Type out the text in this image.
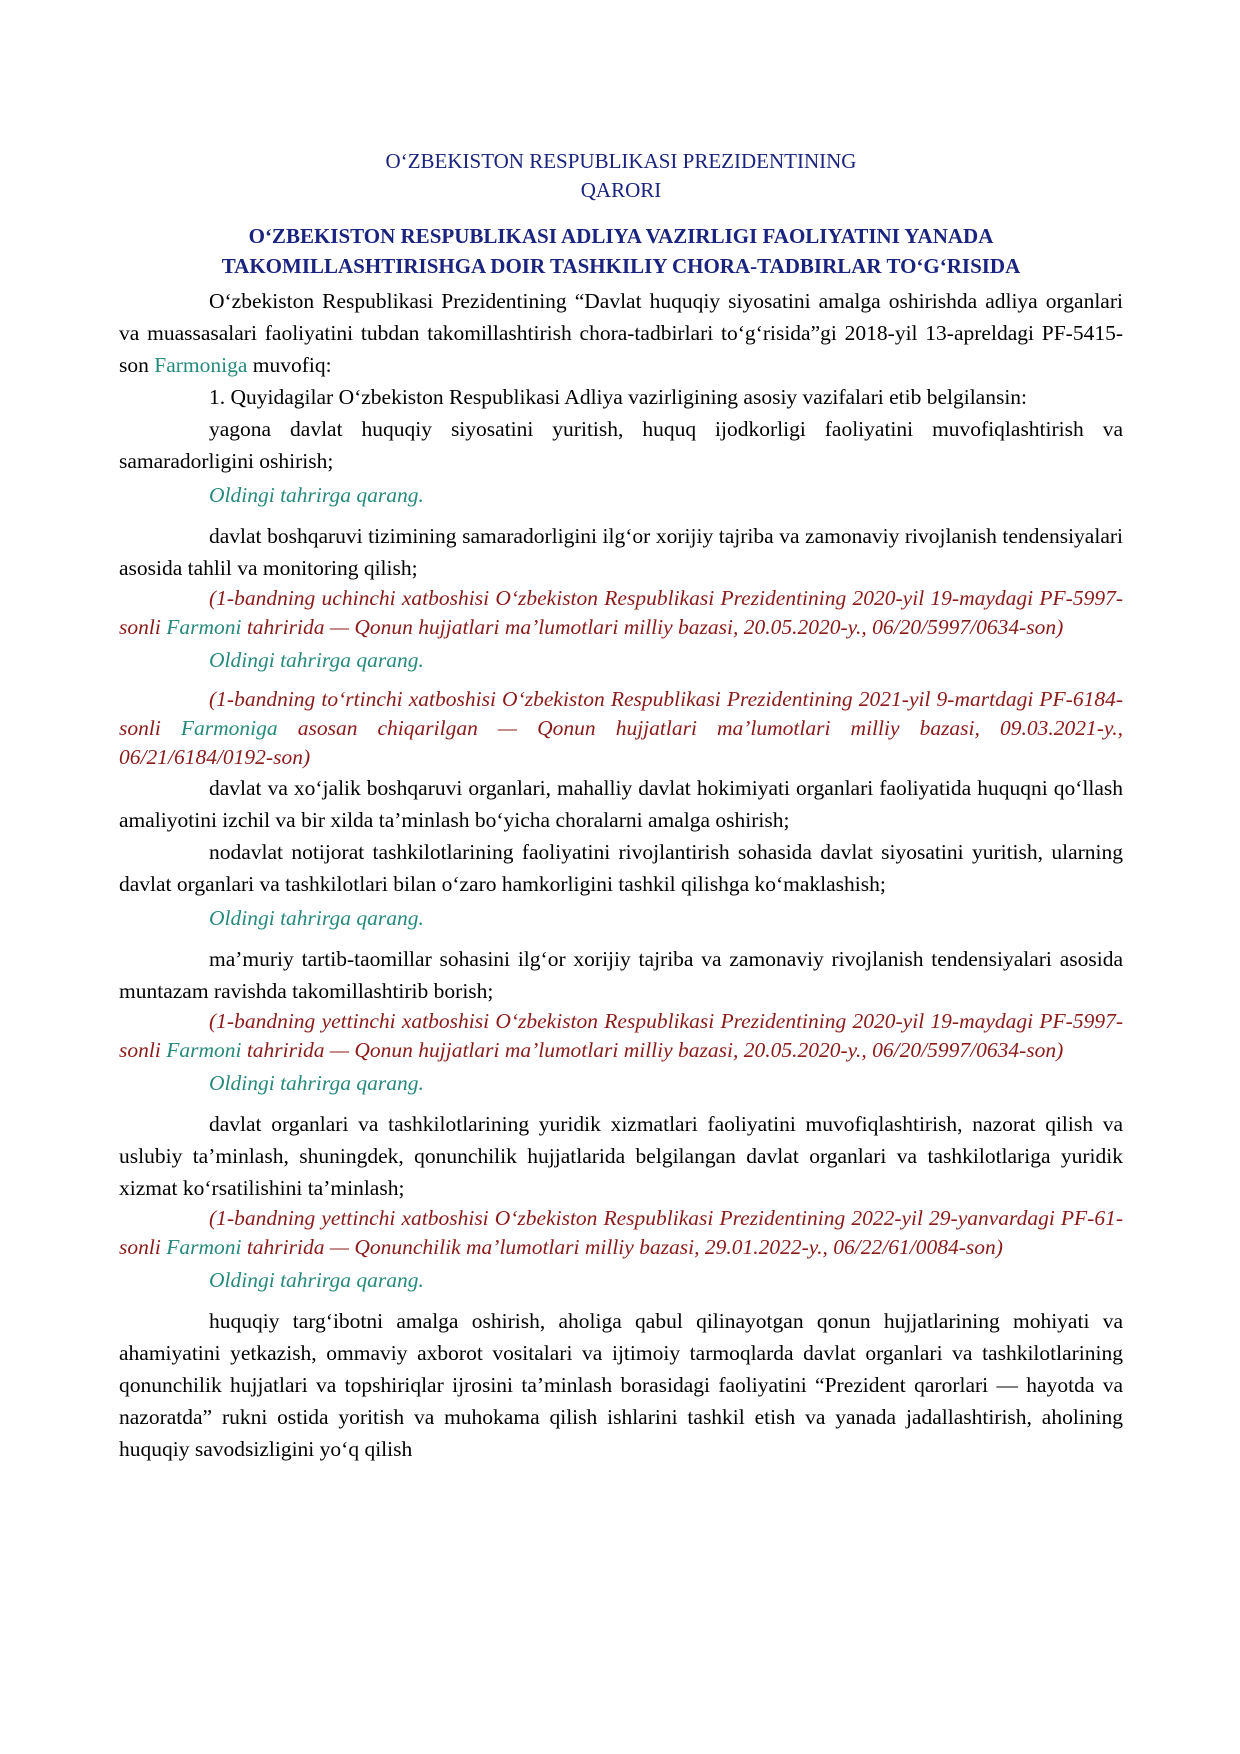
O‘ZBEKISTON RESPUBLIKASI PREZIDENTINING
QARORI
O‘ZBEKISTON RESPUBLIKASI ADLIYA VAZIRLIGI FAOLIYATINI YANADA
TAKOMILLASHTIRISHGA DOIR TASHKILIY CHORA-TADBIRLAR TO‘G‘RISIDA

O‘zbekiston Respublikasi Prezidentining “Davlat huquqiy siyosatini amalga oshirishda adliya organlari va muassasalari faoliyatini tubdan takomillashtirish chora-tadbirlari to‘g‘risida”gi 2018-yil 13-apreldagi PF-5415-son Farmoniga muvofiq:

1. Quyidagilar O‘zbekiston Respublikasi Adliya vazirligining asosiy vazifalari etib belgilansin:

yagona davlat huquqiy siyosatini yuritish, huquq ijodkorligi faoliyatini muvofiqlashtirish va samaradorligini oshirish;

Oldingi tahrirga qarang.

davlat boshqaruvi tizimining samaradorligini ilg‘or xorijiy tajriba va zamonaviy rivojlanish tendensiyalari asosida tahlil va monitoring qilish;

(1-bandning uchinchi xatboshisi O‘zbekiston Respublikasi Prezidentining 2020-yil 19-maydagi PF-5997-sonli Farmoni tahririda — Qonun hujjatlari ma’lumotlari milliy bazasi, 20.05.2020-y., 06/20/5997/0634-son)

Oldingi tahrirga qarang.

(1-bandning to‘rtinchi xatboshisi O‘zbekiston Respublikasi Prezidentining 2021-yil 9-martdagi PF-6184-sonli Farmoniga asosan chiqarilgan — Qonun hujjatlari ma’lumotlari milliy bazasi, 09.03.2021-y., 06/21/6184/0192-son)

davlat va xo‘jalik boshqaruvi organlari, mahalliy davlat hokimiyati organlari faoliyatida huquqni qo‘llash amaliyotini izchil va bir xilda ta’minlash bo‘yicha choralarni amalga oshirish;

nodavlat notijorat tashkilotlarining faoliyatini rivojlantirish sohasida davlat siyosatini yuritish, ularning davlat organlari va tashkilotlari bilan o‘zaro hamkorligini tashkil qilishga ko‘maklashish;

Oldingi tahrirga qarang.

ma’muriy tartib-taomillar sohasini ilg‘or xorijiy tajriba va zamonaviy rivojlanish tendensiyalari asosida muntazam ravishda takomillashtirib borish;

(1-bandning yettinchi xatboshisi O‘zbekiston Respublikasi Prezidentining 2020-yil 19-maydagi PF-5997-sonli Farmoni tahririda — Qonun hujjatlari ma’lumotlari milliy bazasi, 20.05.2020-y., 06/20/5997/0634-son)

Oldingi tahrirga qarang.

davlat organlari va tashkilotlarining yuridik xizmatlari faoliyatini muvofiqlashtirish, nazorat qilish va uslubiy ta’minlash, shuningdek, qonunchilik hujjatlarida belgilangan davlat organlari va tashkilotlariga yuridik xizmat ko‘rsatilishini ta’minlash;

(1-bandning yettinchi xatboshisi O‘zbekiston Respublikasi Prezidentining 2022-yil 29-yanvardagi PF-61-sonli Farmoni tahririda — Qonunchilik ma’lumotlari milliy bazasi, 29.01.2022-y., 06/22/61/0084-son)

Oldingi tahrirga qarang.

huquqiy targ‘ibotni amalga oshirish, aholiga qabul qilinayotgan qonun hujjatlarining mohiyati va ahamiyatini yetkazish, ommaviy axborot vositalari va ijtimoiy tarmoqlarda davlat organlari va tashkilotlarining qonunchilik hujjatlari va topshiriqlar ijrosini ta’minlash borasidagi faoliyatini “Prezident qarorlari — hayotda va nazoratda” rukni ostida yoritish va muhokama qilish ishlarini tashkil etish va yanada jadallashtirish, aholining huquqiy savodsizligini yo‘q qilish
